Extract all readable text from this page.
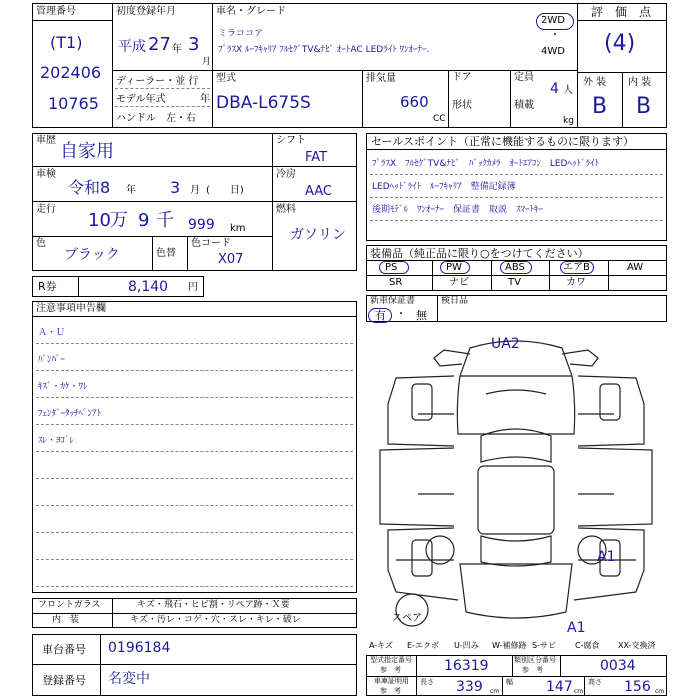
管理番号
(T1)
202406
10765
初度登録年月
平成 27 年 3
月
車名・グレード
ミラココア
ﾌﾟﾗｽX ﾙｰﾌｷｬﾘｱ ﾌﾙｾｸﾞTV&ﾅﾋﾞ ｵｰﾄAC LEDﾗｲﾄ ﾜﾝｵｰﾅｰ.
2WD
・
4WD
評　価　点
(4)
外 装 内 装
B B
ディーラー・並 行
モデル年式	年
ハンドル　左・右
型式
DBA-L675S
排気量
660
CC
ドア
形状
定員
4 人
積載
kg
車歴
自家用
車検
令和8 年 3 月 (　　日)
走行
10 万 9 千 999 km
色
ブラック	色替
色コード
X07
シフト
FAT
冷房
AAC
燃料
ガソリン
R券	8,140 円
セールスポイント（正常に機能するものに限ります）
ﾌﾟﾗｽX　ﾌﾙｾｸﾞTV&ﾅﾋﾞ　ﾊﾞｯｸｶﾒﾗ　ｵｰﾄｴｱｺﾝ　LEDﾍｯﾄﾞﾗｲﾄ
LEDﾍｯﾄﾞﾗｲﾄ　ﾙｰﾌｷｬﾘｱ　整備記録簿
後期ﾓﾃﾞﾙ　ﾜﾝｵｰﾅｰ　保証書　取説　ｽﾏｰﾄｷｰ
装備品（純正品に限り○をつけてください）
PS	PW	ABS	エアB	AW
SR	ナビ	TV	カワ
新車保証書
有 ・ 無
検日品
注意事項申告欄
Ａ・Ｕ
ﾊﾞﾝﾊﾟｰ
ｷｽﾞ・ｶｹ・ﾜﾚ
ﾌｪﾝﾀﾞｰﾀｯﾁﾍﾟﾝｱﾄ
ｽﾚ・ﾖｺﾞﾚ
UA2
A1
A1
スペア
フロントガラス	キズ・飛石・ヒビ割・リペア跡・Ｘ要
内　装	キズ・汚レ・コゲ・穴・スレ・キレ・破レ
車台番号 0196184
登録番号 名変中
A-キズ E-エクボ U-凹み W-補修跡 S-サビ C-腐食 XX-交換済
型式指定番号
参　考	16319	類別区分番号
参　考	0034
車庫証明用
参　考
長さ 339 cm
幅 147 cm
高さ 156 cm
